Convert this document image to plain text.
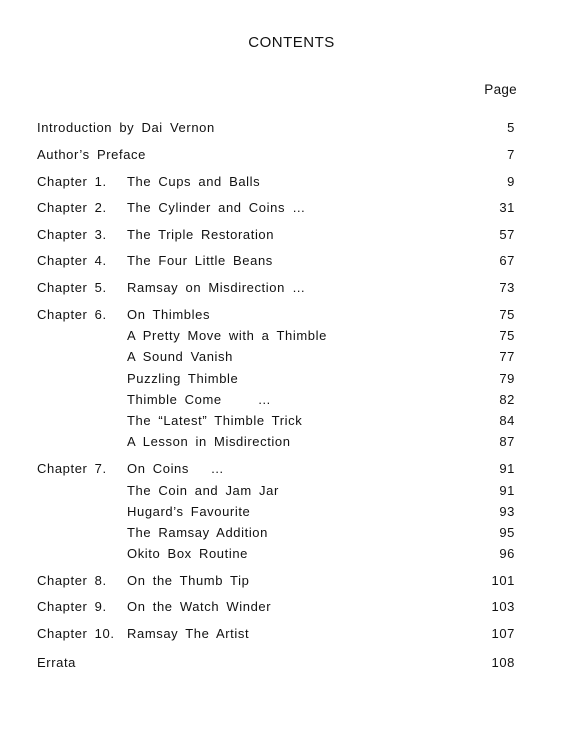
CONTENTS
Page
Introduction by Dai Vernon	5
Author’s Preface	7
Chapter 1. The Cups and Balls	9
Chapter 2. The Cylinder and Coins …	31
Chapter 3. The Triple Restoration	57
Chapter 4. The Four Little Beans	67
Chapter 5. Ramsay on Misdirection …	73
Chapter 6. On Thimbles	75
A Pretty Move with a Thimble	75
A Sound Vanish	77
Puzzling Thimble	79
Thimble Come     …	82
The “Latest” Thimble Trick	84
A Lesson in Misdirection	87
Chapter 7. On Coins   …	91
The Coin and Jam Jar	91
Hugard’s Favourite	93
The Ramsay Addition	95
Okito Box Routine	96
Chapter 8. On the Thumb Tip	101
Chapter 9. On the Watch Winder	103
Chapter 10. Ramsay The Artist	107
Errata	108
